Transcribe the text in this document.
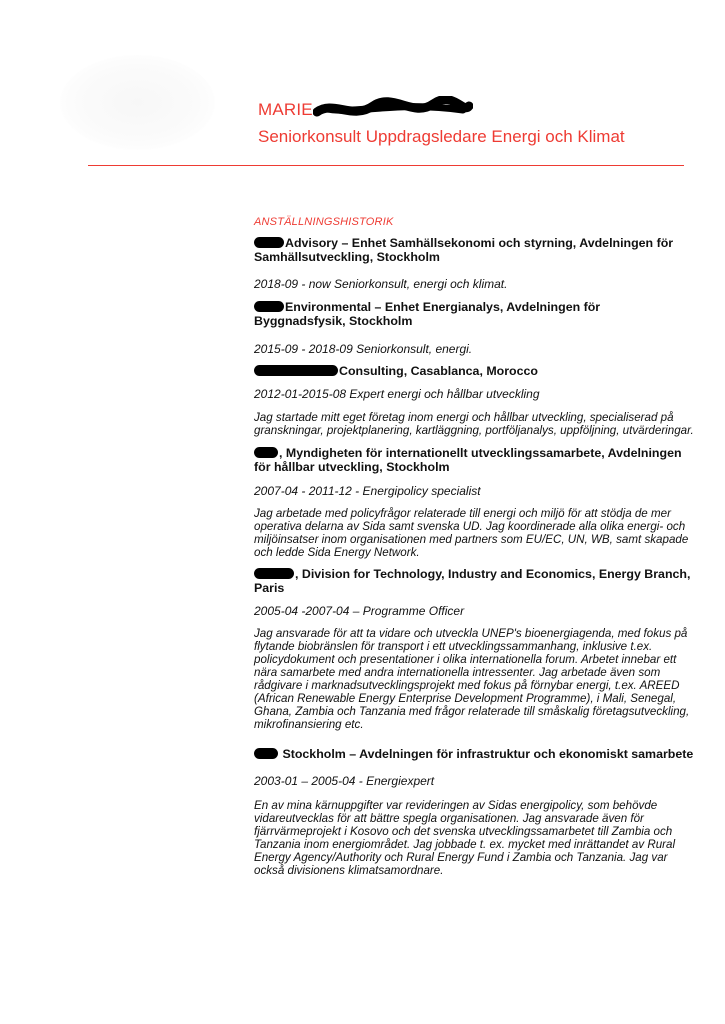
MARIE
Seniorkonsult Uppdragsledare Energi och Klimat
ANSTÄLLNINGSHISTORIK
Advisory – Enhet Samhällsekonomi och styrning, Avdelningen för Samhällsutveckling, Stockholm
2018-09 - now Seniorkonsult, energi och klimat.
Environmental – Enhet Energianalys, Avdelningen för Byggnadsfysik, Stockholm
2015-09 - 2018-09 Seniorkonsult, energi.
Consulting, Casablanca, Morocco
2012-01-2015-08 Expert energi och hållbar utveckling
Jag startade mitt eget företag inom energi och hållbar utveckling, specialiserad på granskningar, projektplanering, kartläggning, portföljanalys, uppföljning, utvärderingar.
, Myndigheten för internationellt utvecklingssamarbete, Avdelningen för hållbar utveckling, Stockholm
2007-04 - 2011-12 - Energipolicy specialist
Jag arbetade med policyfrågor relaterade till energi och miljö för att stödja de mer operativa delarna av Sida samt svenska UD. Jag koordinerade alla olika energi- och miljöinsatser inom organisationen med partners som EU/EC, UN, WB, samt skapade och ledde Sida Energy Network.
, Division for Technology, Industry and Economics, Energy Branch, Paris
2005-04 -2007-04 – Programme Officer
Jag ansvarade för att ta vidare och utveckla UNEP's bioenergiagenda, med fokus på flytande biobränslen för transport i ett utvecklingssammanhang, inklusive t.ex. policydokument och presentationer i olika internationella forum. Arbetet innebar ett nära samarbete med andra internationella intressenter. Jag arbetade även som rådgivare i marknadsutvecklingsprojekt med fokus på förnybar energi, t.ex. AREED (African Renewable Energy Enterprise Development Programme), i Mali, Senegal, Ghana, Zambia och Tanzania med frågor relaterade till småskalig företagsutveckling, mikrofinansiering etc.
Stockholm – Avdelningen för infrastruktur och ekonomiskt samarbete
2003-01 – 2005-04 - Energiexpert
En av mina kärnuppgifter var revideringen av Sidas energipolicy, som behövde vidareutvecklas för att bättre spegla organisationen. Jag ansvarade även för fjärrvärmeprojekt i Kosovo och det svenska utvecklingssamarbetet till Zambia och Tanzania inom energiområdet. Jag jobbade t. ex. mycket med inrättandet av Rural Energy Agency/Authority och Rural Energy Fund i Zambia och Tanzania. Jag var också divisionens klimatsamordnare.
